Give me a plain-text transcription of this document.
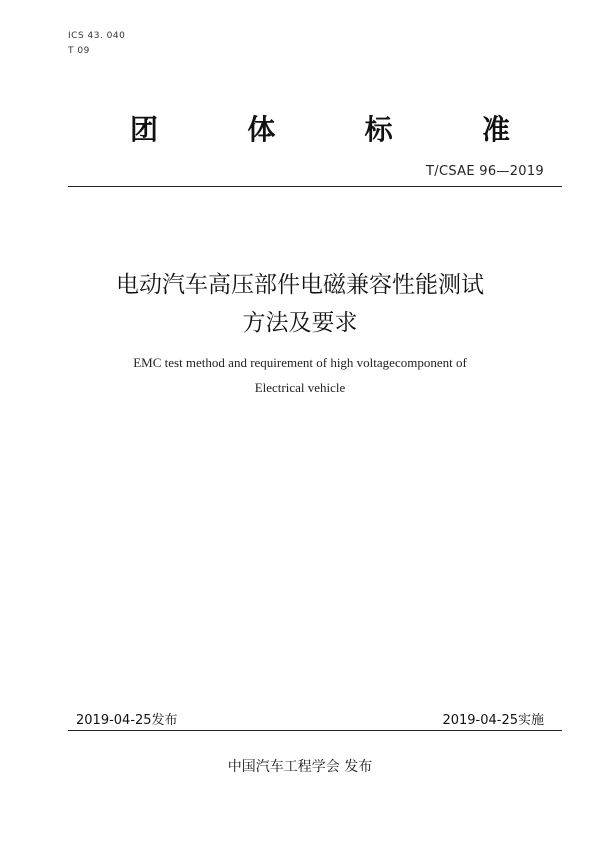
ICS 43. 040
T 09
团	体	标	准
T/CSAE 96—2019
电动汽车高压部件电磁兼容性能测试
方法及要求
EMC test method and requirement of high voltagecomponent of
Electrical vehicle
2019-04-25发布	2019-04-25实施
中国汽车工程学会 发布
